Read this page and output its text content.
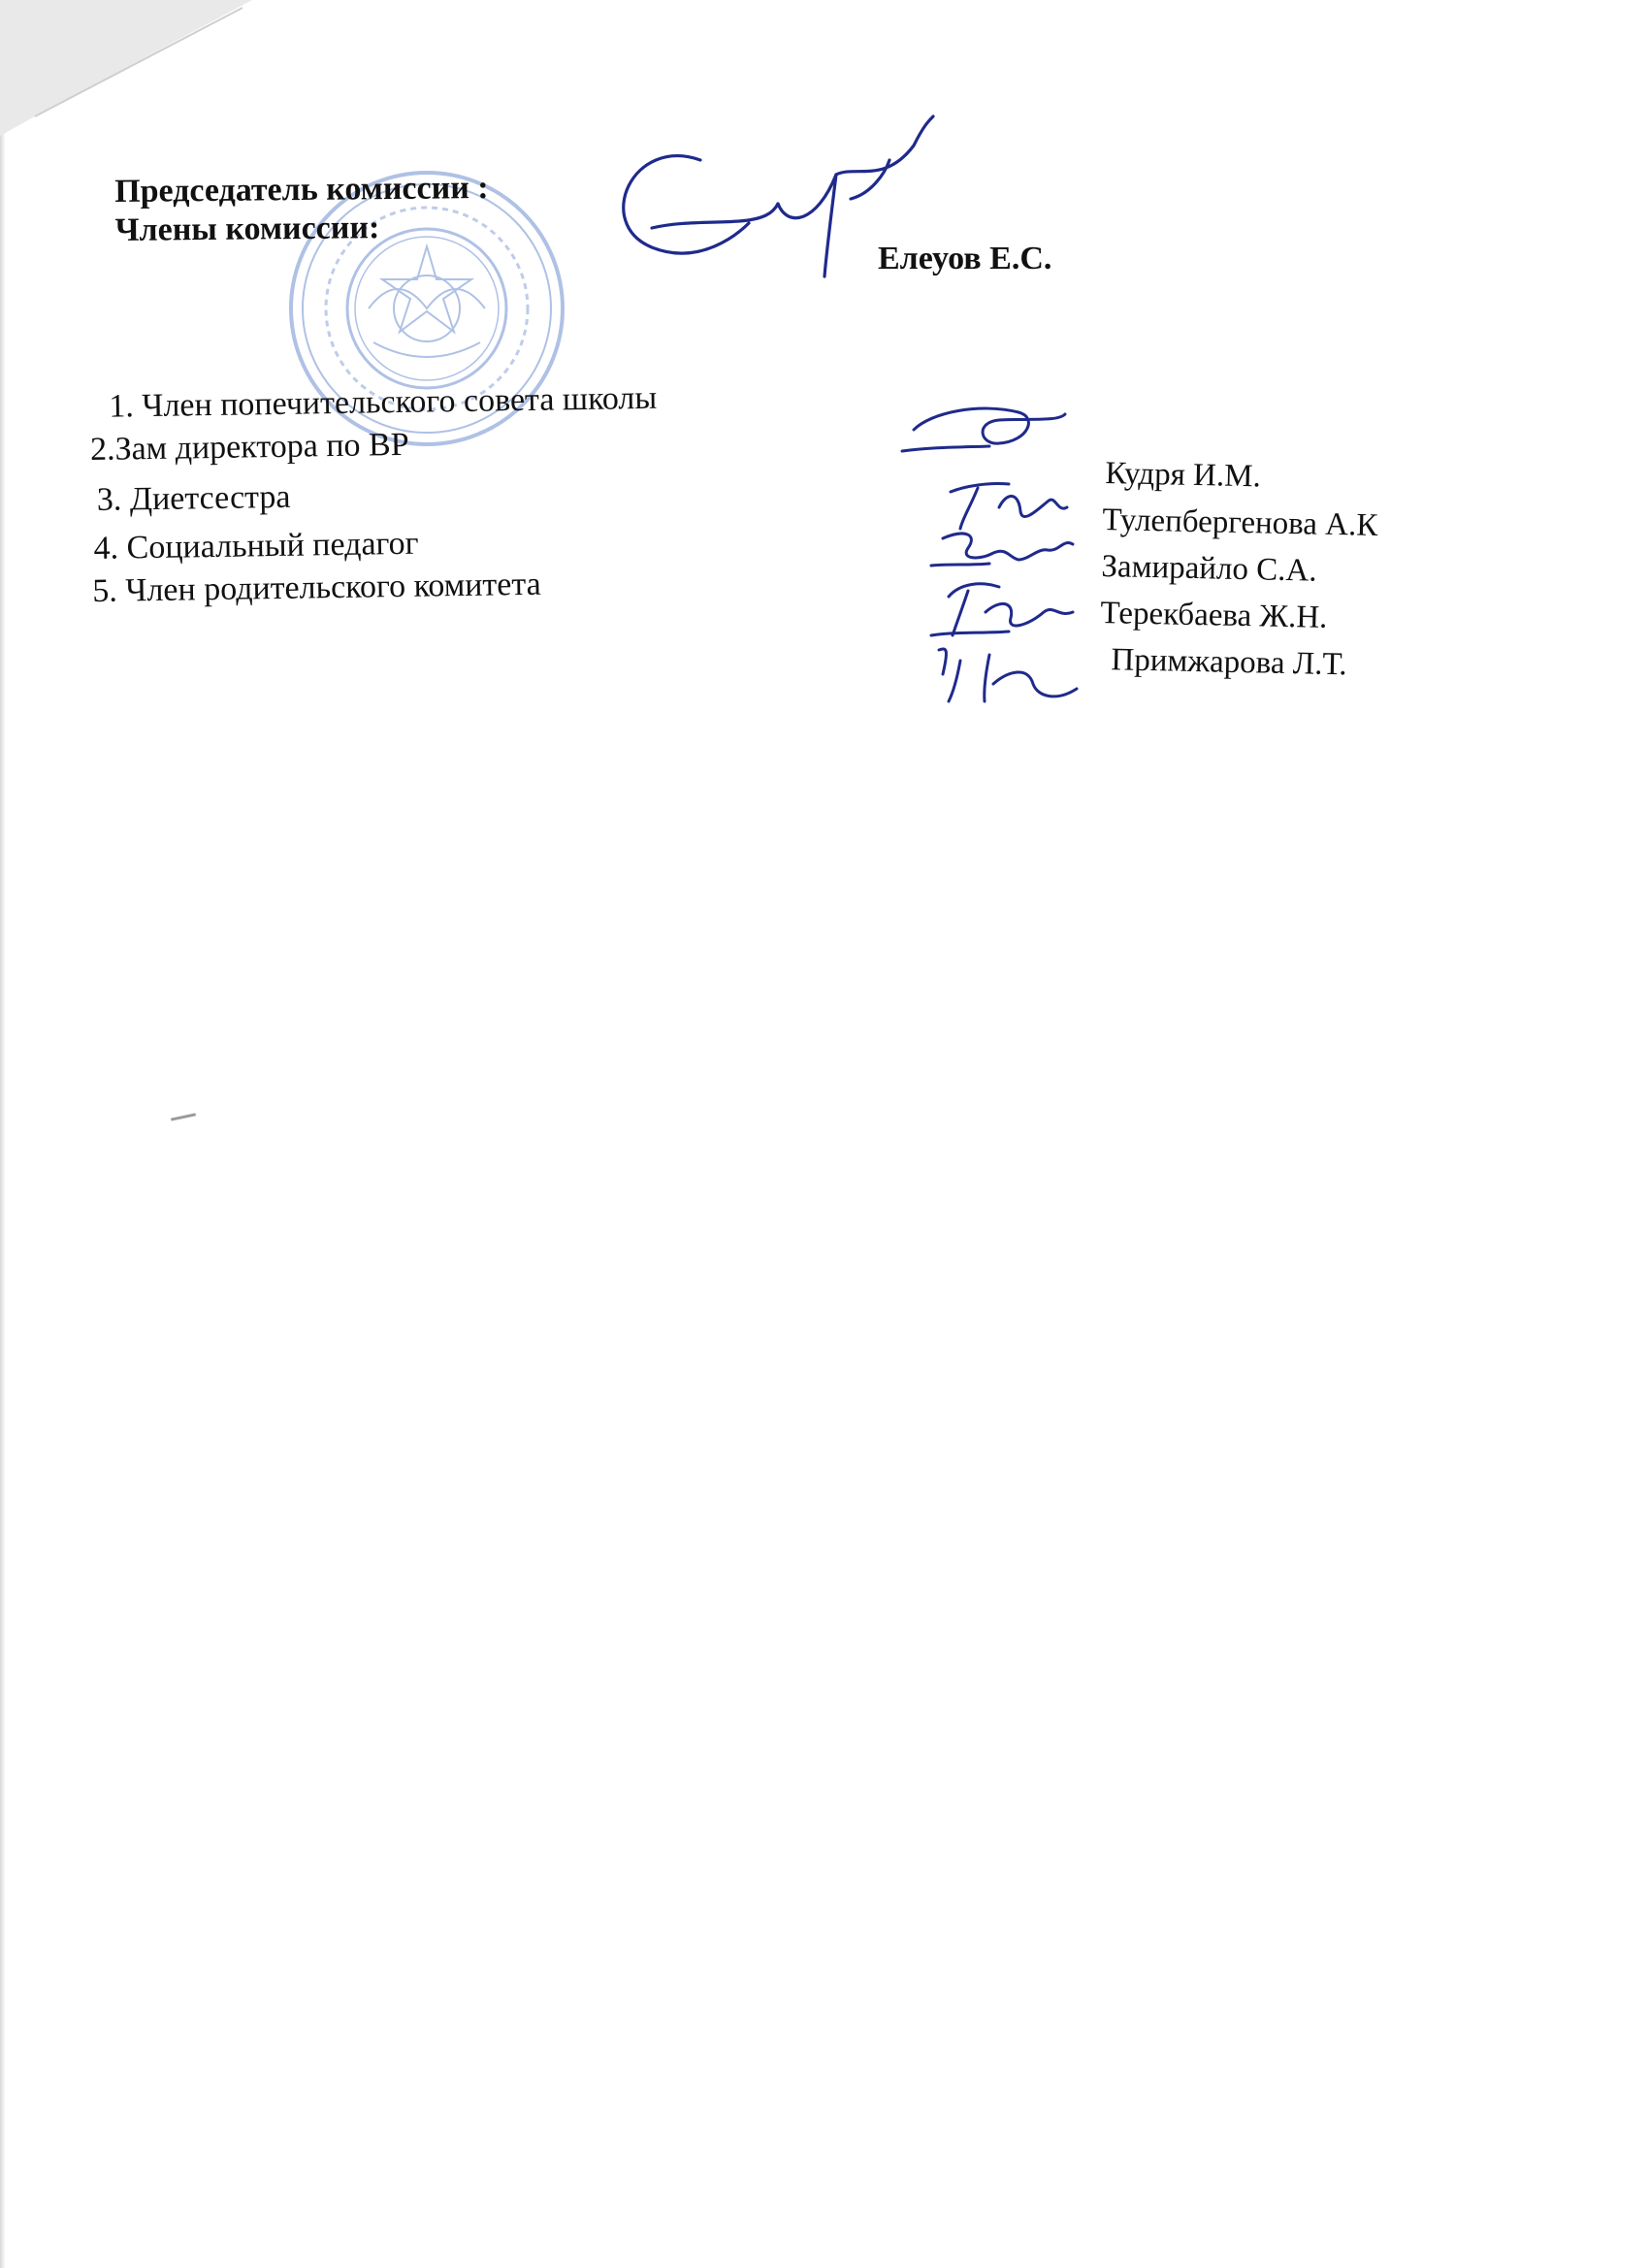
Председатель комиссии :
Члены комиссии:
Елеуов Е.С.
1. Член попечительского совета школы
2.Зам директора по ВР
3. Диетсестра
4. Социальный педагог
5. Член родительского комитета
Кудря И.М.
Тулепбергенова А.К
Замирайло С.А.
Терекбаева Ж.Н.
Примжарова Л.Т.
